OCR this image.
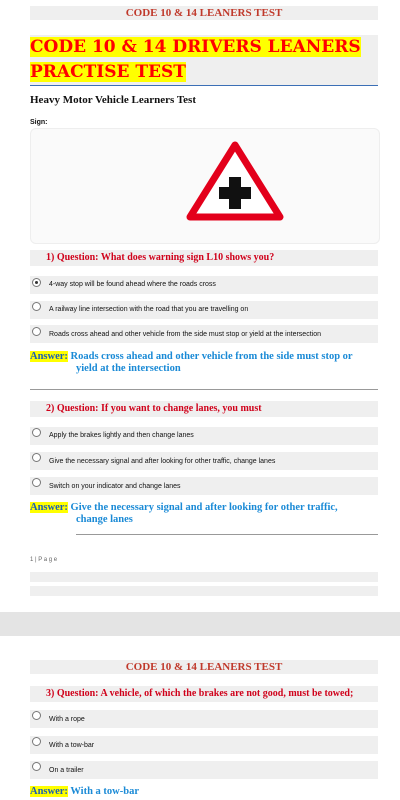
CODE 10 & 14 LEANERS TEST
CODE 10 & 14 DRIVERS LEANERS
PRACTISE TEST
Heavy Motor Vehicle Learners Test
Sign:
1) Question: What does warning sign L10 shows you?
4-way stop will be found ahead where the roads cross
A railway line intersection with the road that you are travelling on
Roads cross ahead and other vehicle from the side must stop or yield at the intersection
Answer: Roads cross ahead and other vehicle from the side must stop or
yield at the intersection
2) Question: If you want to change lanes, you must
Apply the brakes lightly and then change lanes
Give the necessary signal and after looking for other traffic, change lanes
Switch on your indicator and change lanes
Answer: Give the necessary signal and after looking for other traffic,
change lanes
1 | P a g e
CODE 10 & 14 LEANERS TEST
3) Question: A vehicle, of which the brakes are not good, must be towed;
With a rope
With a tow-bar
On a trailer
Answer: With a tow-bar
